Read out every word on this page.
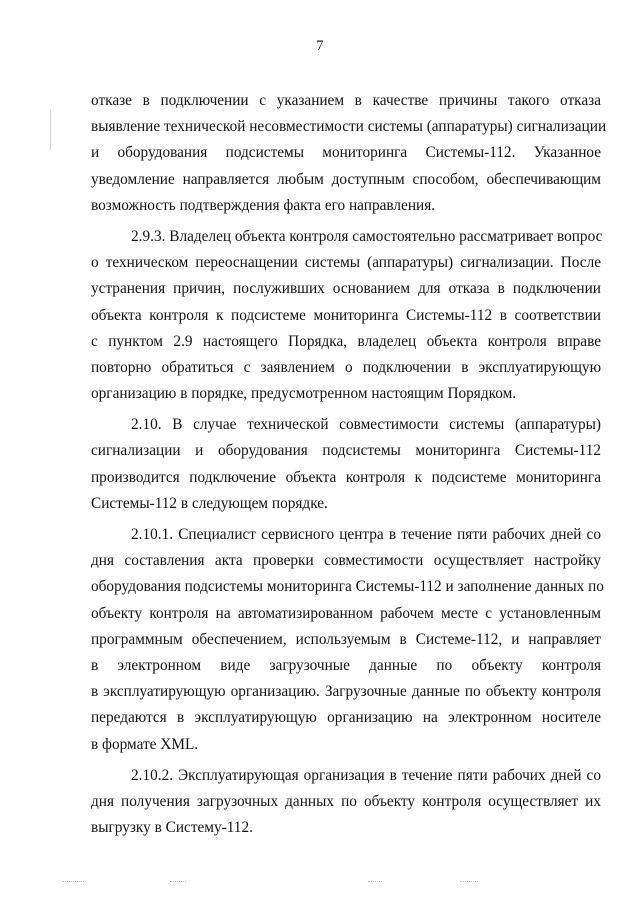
7
отказе в подключении с указанием в качестве причины такого отказа
выявление технической несовместимости системы (аппаратуры) сигнализации
и оборудования подсистемы мониторинга Системы-112. Указанное
уведомление направляется любым доступным способом, обеспечивающим
возможность подтверждения факта его направления.
2.9.3. Владелец объекта контроля самостоятельно рассматривает вопрос
о техническом переоснащении системы (аппаратуры) сигнализации. После
устранения причин, послуживших основанием для отказа в подключении
объекта контроля к подсистеме мониторинга Системы-112 в соответствии
с пунктом 2.9 настоящего Порядка, владелец объекта контроля вправе
повторно обратиться с заявлением о подключении в эксплуатирующую
организацию в порядке, предусмотренном настоящим Порядком.
2.10. В случае технической совместимости системы (аппаратуры)
сигнализации и оборудования подсистемы мониторинга Системы-112
производится подключение объекта контроля к подсистеме мониторинга
Системы-112 в следующем порядке.
2.10.1. Специалист сервисного центра в течение пяти рабочих дней со
дня составления акта проверки совместимости осуществляет настройку
оборудования подсистемы мониторинга Системы-112 и заполнение данных по
объекту контроля на автоматизированном рабочем месте с установленным
программным обеспечением, используемым в Системе-112, и направляет
в электронном виде загрузочные данные по объекту контроля
в эксплуатирующую организацию. Загрузочные данные по объекту контроля
передаются в эксплуатирующую организацию на электронном носителе
в формате XML.
2.10.2. Эксплуатирующая организация в течение пяти рабочих дней со
дня получения загрузочных данных по объекту контроля осуществляет их
выгрузку в Систему-112.
